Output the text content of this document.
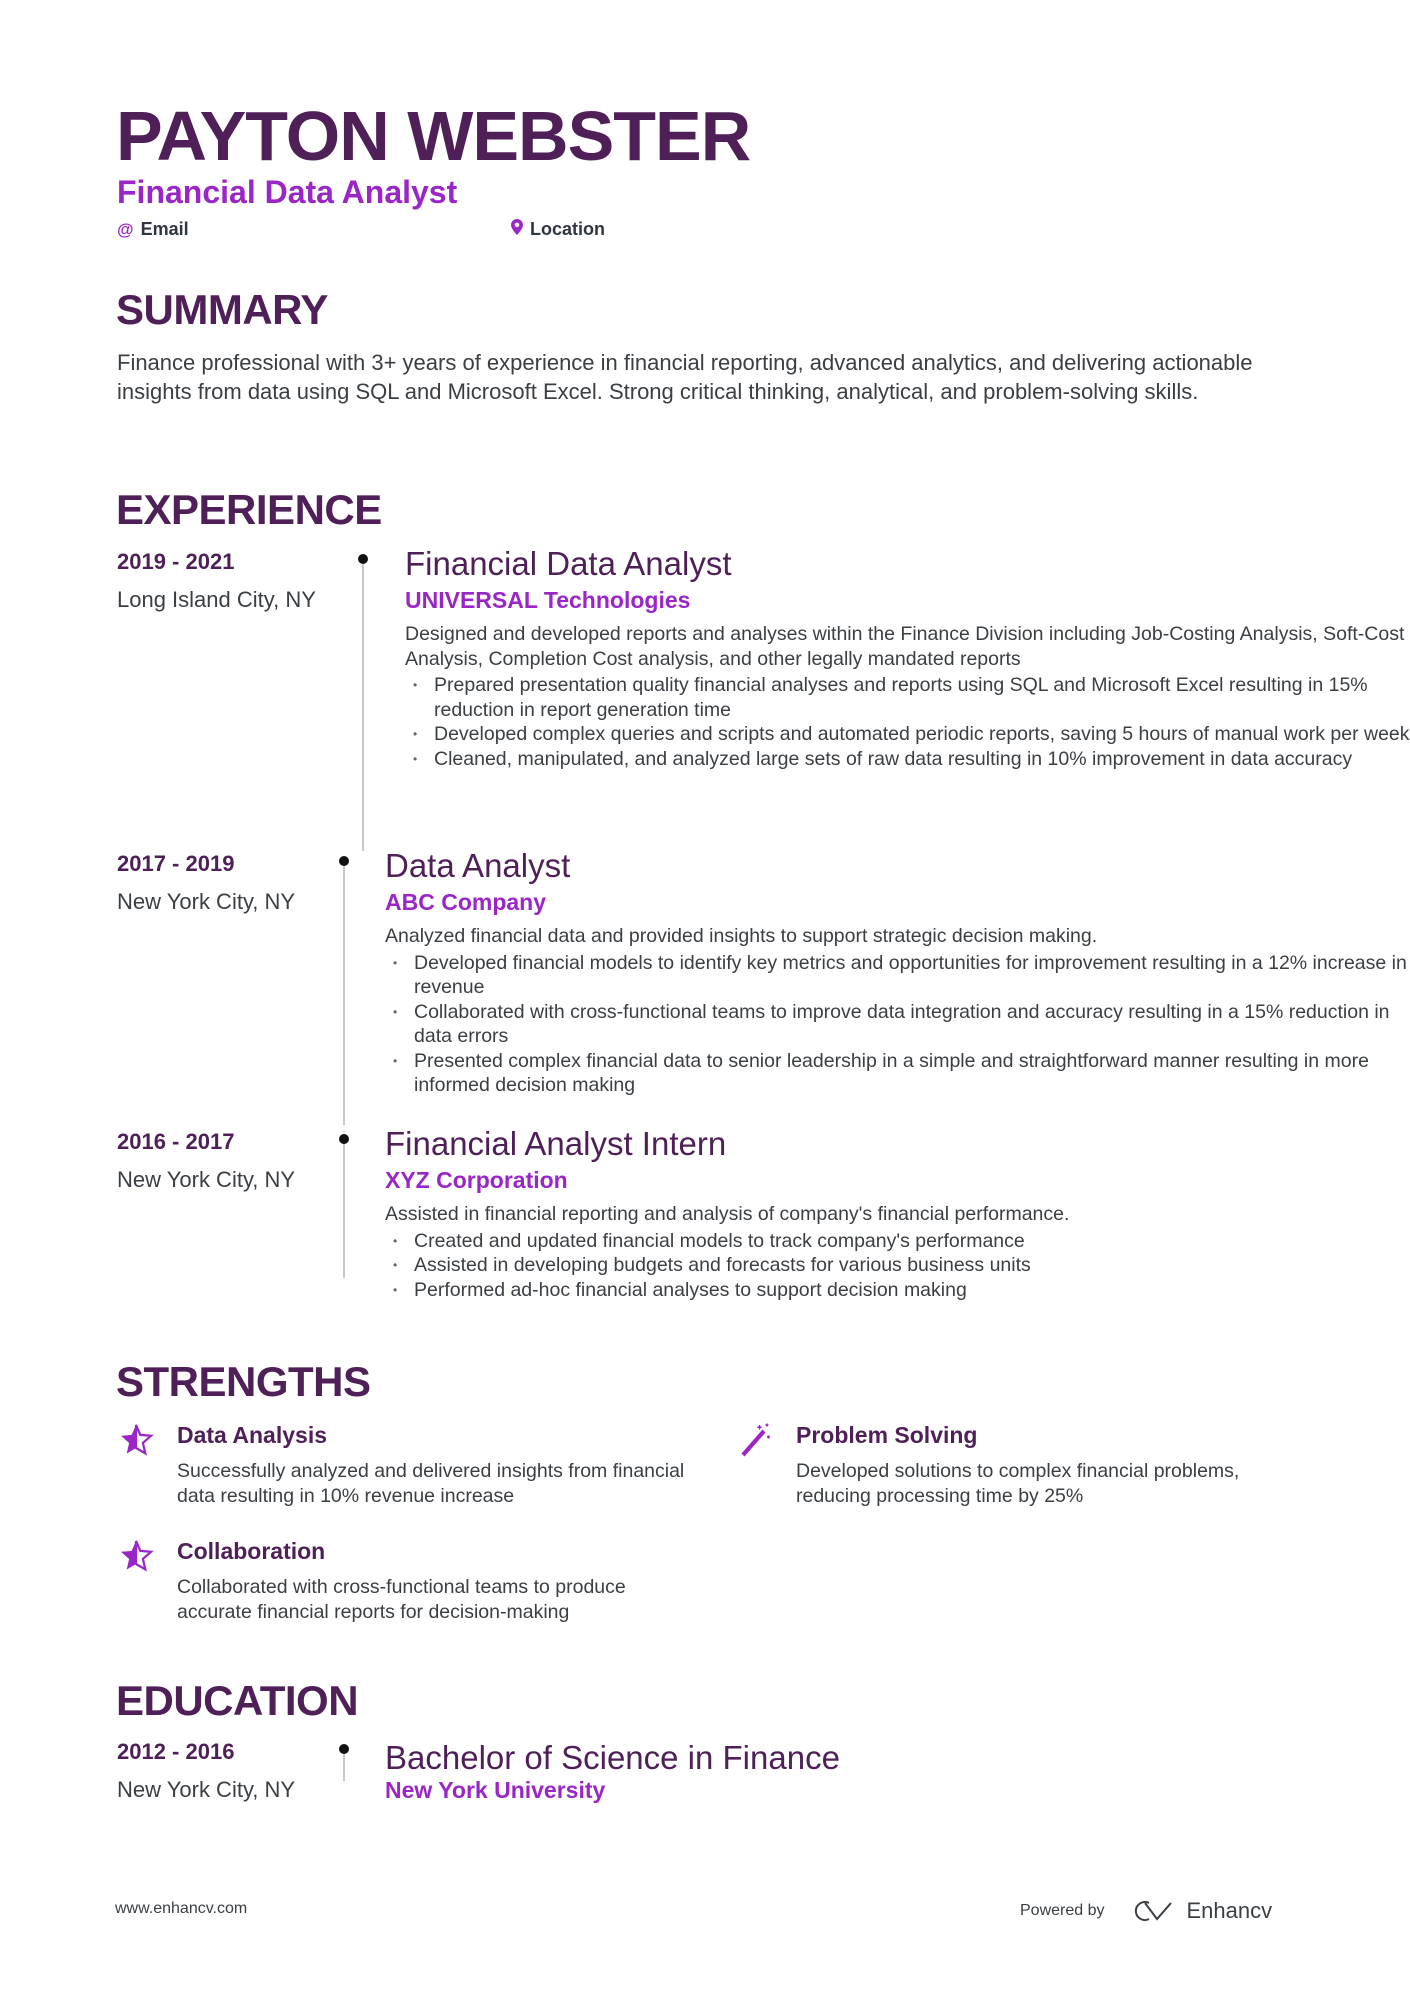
PAYTON WEBSTER
Financial Data Analyst
@ Email	Location
SUMMARY
Finance professional with 3+ years of experience in financial reporting, advanced analytics, and delivering actionable insights from data using SQL and Microsoft Excel. Strong critical thinking, analytical, and problem-solving skills.
EXPERIENCE
2019 - 2021
Long Island City, NY
Financial Data Analyst
UNIVERSAL Technologies
Designed and developed reports and analyses within the Finance Division including Job-Costing Analysis, Soft-Cost Analysis, Completion Cost analysis, and other legally mandated reports
• Prepared presentation quality financial analyses and reports using SQL and Microsoft Excel resulting in 15% reduction in report generation time
• Developed complex queries and scripts and automated periodic reports, saving 5 hours of manual work per week
• Cleaned, manipulated, and analyzed large sets of raw data resulting in 10% improvement in data accuracy
2017 - 2019
New York City, NY
Data Analyst
ABC Company
Analyzed financial data and provided insights to support strategic decision making.
• Developed financial models to identify key metrics and opportunities for improvement resulting in a 12% increase in revenue
• Collaborated with cross-functional teams to improve data integration and accuracy resulting in a 15% reduction in data errors
• Presented complex financial data to senior leadership in a simple and straightforward manner resulting in more informed decision making
2016 - 2017
New York City, NY
Financial Analyst Intern
XYZ Corporation
Assisted in financial reporting and analysis of company's financial performance.
• Created and updated financial models to track company's performance
• Assisted in developing budgets and forecasts for various business units
• Performed ad-hoc financial analyses to support decision making
STRENGTHS
Data Analysis
Successfully analyzed and delivered insights from financial data resulting in 10% revenue increase
Problem Solving
Developed solutions to complex financial problems, reducing processing time by 25%
Collaboration
Collaborated with cross-functional teams to produce accurate financial reports for decision-making
EDUCATION
2012 - 2016
New York City, NY
Bachelor of Science in Finance
New York University
www.enhancv.com	Powered by	Enhancv
